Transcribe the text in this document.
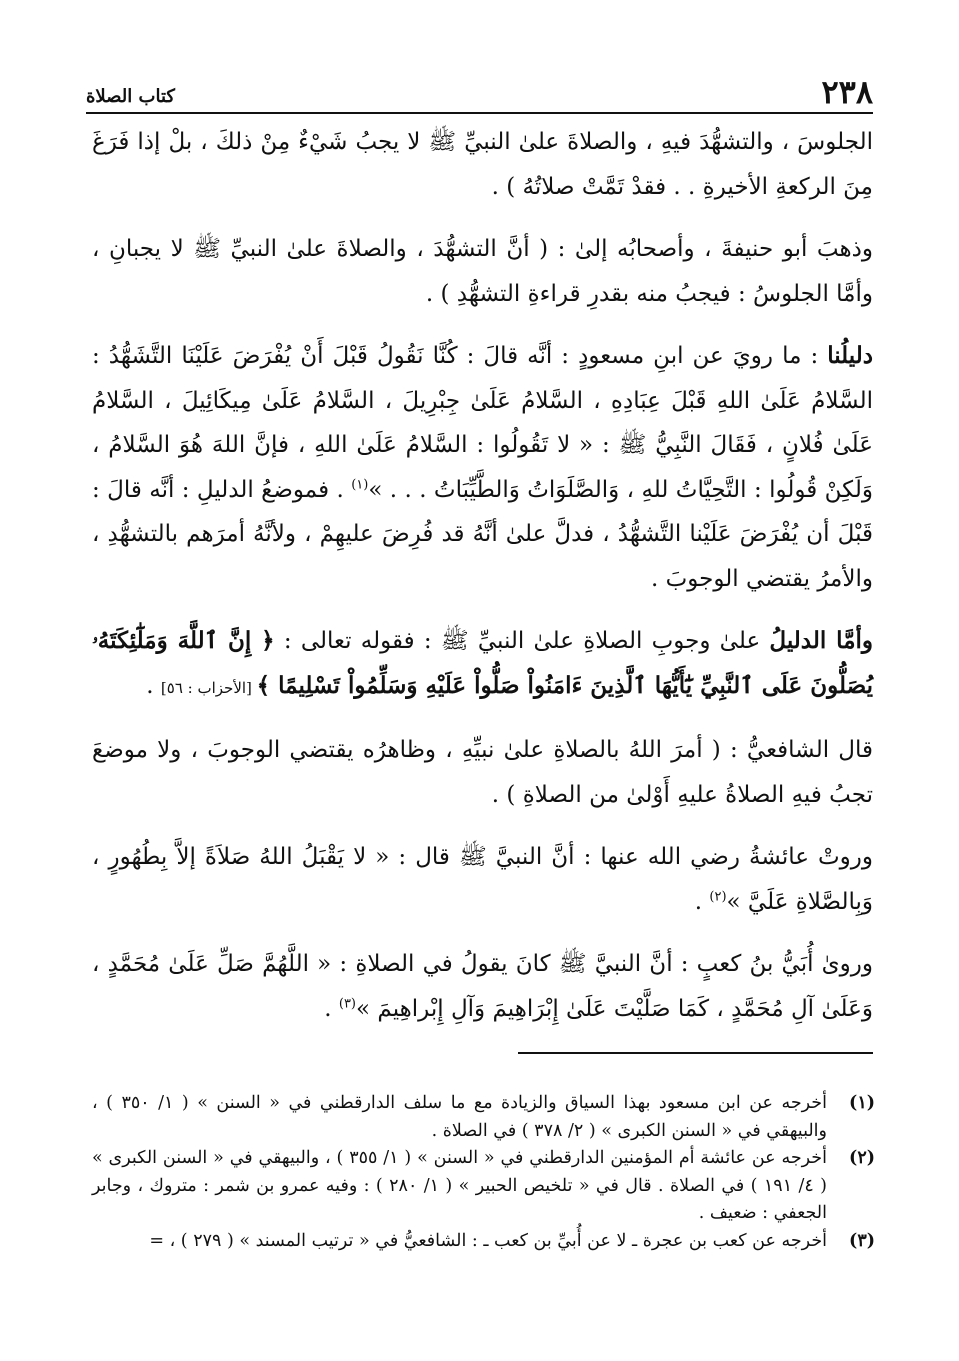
٢٣٨
كتاب الصلاة

الجلوسَ ، والتشهُّدَ فيهِ ، والصلاةَ علىٰ النبيِّ ﷺ لا يجبُ شَيْءٌ مِنْ ذلكَ ، بلْ إذا فَرَغَ مِنَ الركعةِ الأخيرةِ . . فقدْ تَمَّتْ صلاتُهُ ) .

وذهبَ أبو حنيفةَ ، وأصحابُه إلىٰ : ( أنَّ التشهُّدَ ، والصلاةَ علىٰ النبيِّ ﷺ لا يجبانِ ، وأمَّا الجلوسُ : فيجبُ منه بقدرِ قراءةِ التشهُّدِ ) .

دليلُنا : ما رويَ عن ابنِ مسعودٍ : أنَّه قالَ : كُنَّا نَقُولُ قَبْلَ أَنْ يُفْرَضَ عَلَيْنَا التَّشَهُّدُ : السَّلامُ عَلَىٰ اللهِ قَبْلَ عِبَادِهِ ، السَّلامُ عَلَىٰ جِبْرِيلَ ، السَّلامُ عَلَىٰ مِيكَائِيلَ ، السَّلامُ عَلَىٰ فُلانٍ ، فَقَالَ النَّبِيُّ ﷺ : « لا تَقُولُوا : السَّلامُ عَلَىٰ اللهِ ، فإنَّ اللهَ هُوَ السَّلامُ ، وَلَكِنْ قُولُوا : التَّحِيَّاتُ للهِ ، وَالصَّلَوَاتُ وَالطَّيِّبَاتُ . . . »$^{(١)}$ . فموضعُ الدليلِ : أنَّه قالَ : قَبْلَ أن يُفْرَضَ عَلَيْنا التَّشهُّدُ ، فدلَّ علىٰ أنَّهُ قد فُرِضَ عليهِمْ ، ولأنَّهُ أمرَهم بالتشهُّدِ ، والأمرُ يقتضي الوجوبَ .

وأمَّا الدليلُ علىٰ وجوبِ الصلاةِ علىٰ النبيِّ ﷺ : فقوله تعالى : ﴿ إِنَّ ٱللَّهَ وَمَلَٰٓئِكَتَهُۥ يُصَلُّونَ عَلَى ٱلنَّبِيِّ يَٰٓأَيُّهَا ٱلَّذِينَ ءَامَنُواْ صَلُّواْ عَلَيْهِ وَسَلِّمُواْ تَسْلِيمًا ﴾ [الأحزاب : ٥٦] .

قال الشافعيُّ : ( أمرَ اللهُ بالصلاةِ علىٰ نبيِّهِ ، وظاهرُه يقتضي الوجوبَ ، ولا موضعَ تجبُ فيهِ الصلاةُ عليهِ أَوْلىٰ من الصلاةِ ) .

وروتْ عائشةُ رضي الله عنها : أنَّ النبيَّ ﷺ قال : « لا يَقْبَلُ اللهُ صَلاَةً إلاَّ بِطُهُورٍ ، وَبِالصَّلاةِ عَلَيَّ »$^{(٢)}$ .

وروىٰ أُبَيُّ بنُ كعبٍ : أنَّ النبيَّ ﷺ كانَ يقولُ في الصلاةِ : « اللَّهُمَّ صَلِّ عَلَىٰ مُحَمَّدٍ ، وَعَلَىٰ آلِ مُحَمَّدٍ ، كَمَا صَلَّيْتَ عَلَىٰ إِبْرَاهِيمَ وَآلِ إِبْراهِيمَ »$^{(٣)}$ .

(١)
أخرجه عن ابن مسعود بهذا السياق والزيادة مع ما سلف الدارقطني في « السنن » ( ١/ ٣٥٠ ) ، والبيهقي في « السنن الكبرى » ( ٢/ ٣٧٨ ) في الصلاة .
(٢)
أخرجه عن عائشة أم المؤمنين الدارقطني في « السنن » ( ١/ ٣٥٥ ) ، والبيهقي في « السنن الكبرى » ( ٤/ ١٩١ ) في الصلاة . قال في « تلخيص الحبير » ( ١/ ٢٨٠ ) : وفيه عمرو بن شمر : متروك ، وجابر الجعفي : ضعيف .
(٣)
أخرجه عن كعب بن عجرة ـ لا عن أُبيِّ بن كعب ـ : الشافعيُّ في « ترتيب المسند » ( ٢٧٩ ) ، =
